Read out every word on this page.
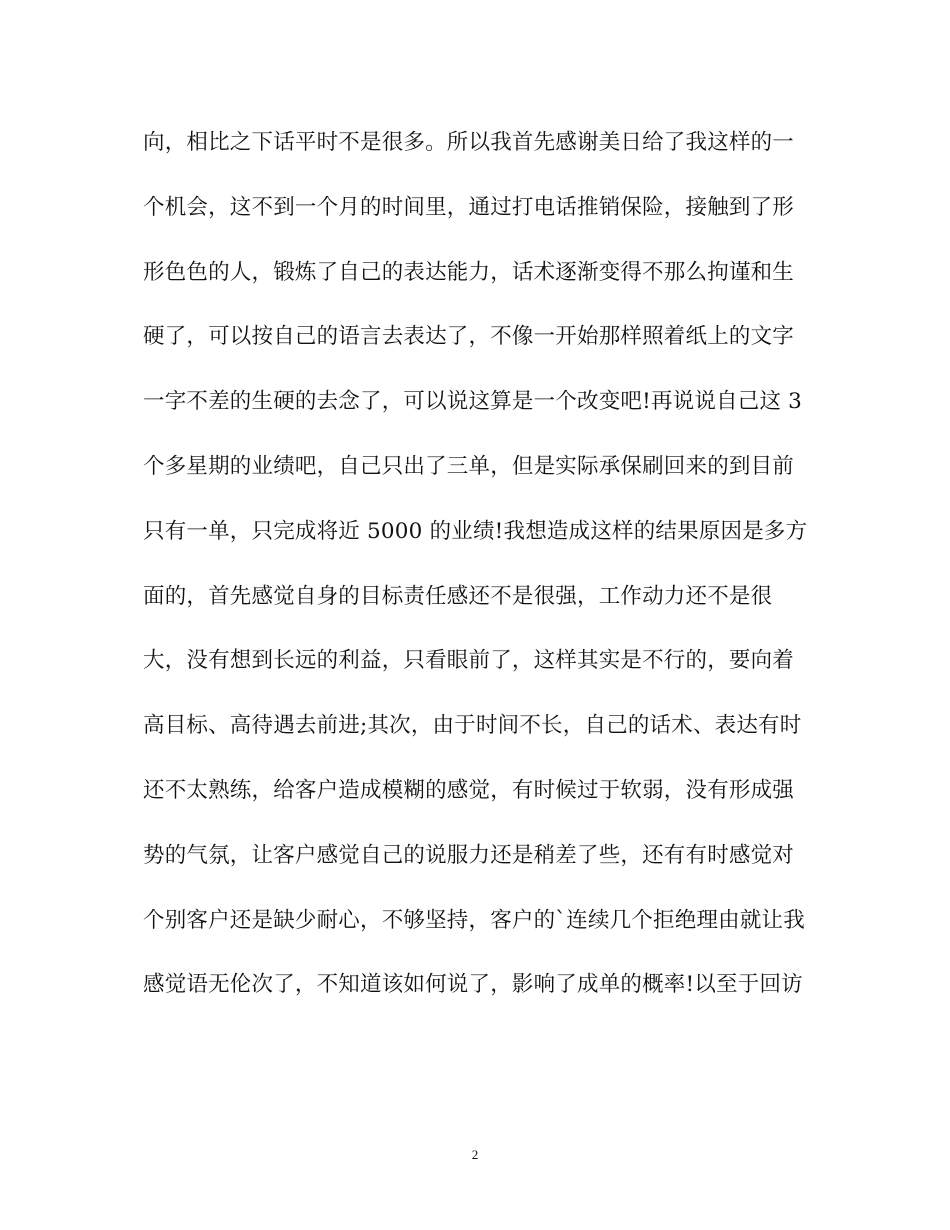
向，相比之下话平时不是很多。所以我首先感谢美日给了我这样的一
个机会，这不到一个月的时间里，通过打电话推销保险，接触到了形
形色色的人，锻炼了自己的表达能力，话术逐渐变得不那么拘谨和生
硬了，可以按自己的语言去表达了，不像一开始那样照着纸上的文字
一字不差的生硬的去念了，可以说这算是一个改变吧!再说说自己这 3
个多星期的业绩吧，自己只出了三单，但是实际承保刷回来的到目前
只有一单，只完成将近 5000 的业绩!我想造成这样的结果原因是多方
面的，首先感觉自身的目标责任感还不是很强，工作动力还不是很
大，没有想到长远的利益，只看眼前了，这样其实是不行的，要向着
高目标、高待遇去前进;其次，由于时间不长，自己的话术、表达有时
还不太熟练，给客户造成模糊的感觉，有时候过于软弱，没有形成强
势的气氛，让客户感觉自己的说服力还是稍差了些，还有有时感觉对
个别客户还是缺少耐心，不够坚持，客户的`连续几个拒绝理由就让我
感觉语无伦次了，不知道该如何说了，影响了成单的概率!以至于回访
2
